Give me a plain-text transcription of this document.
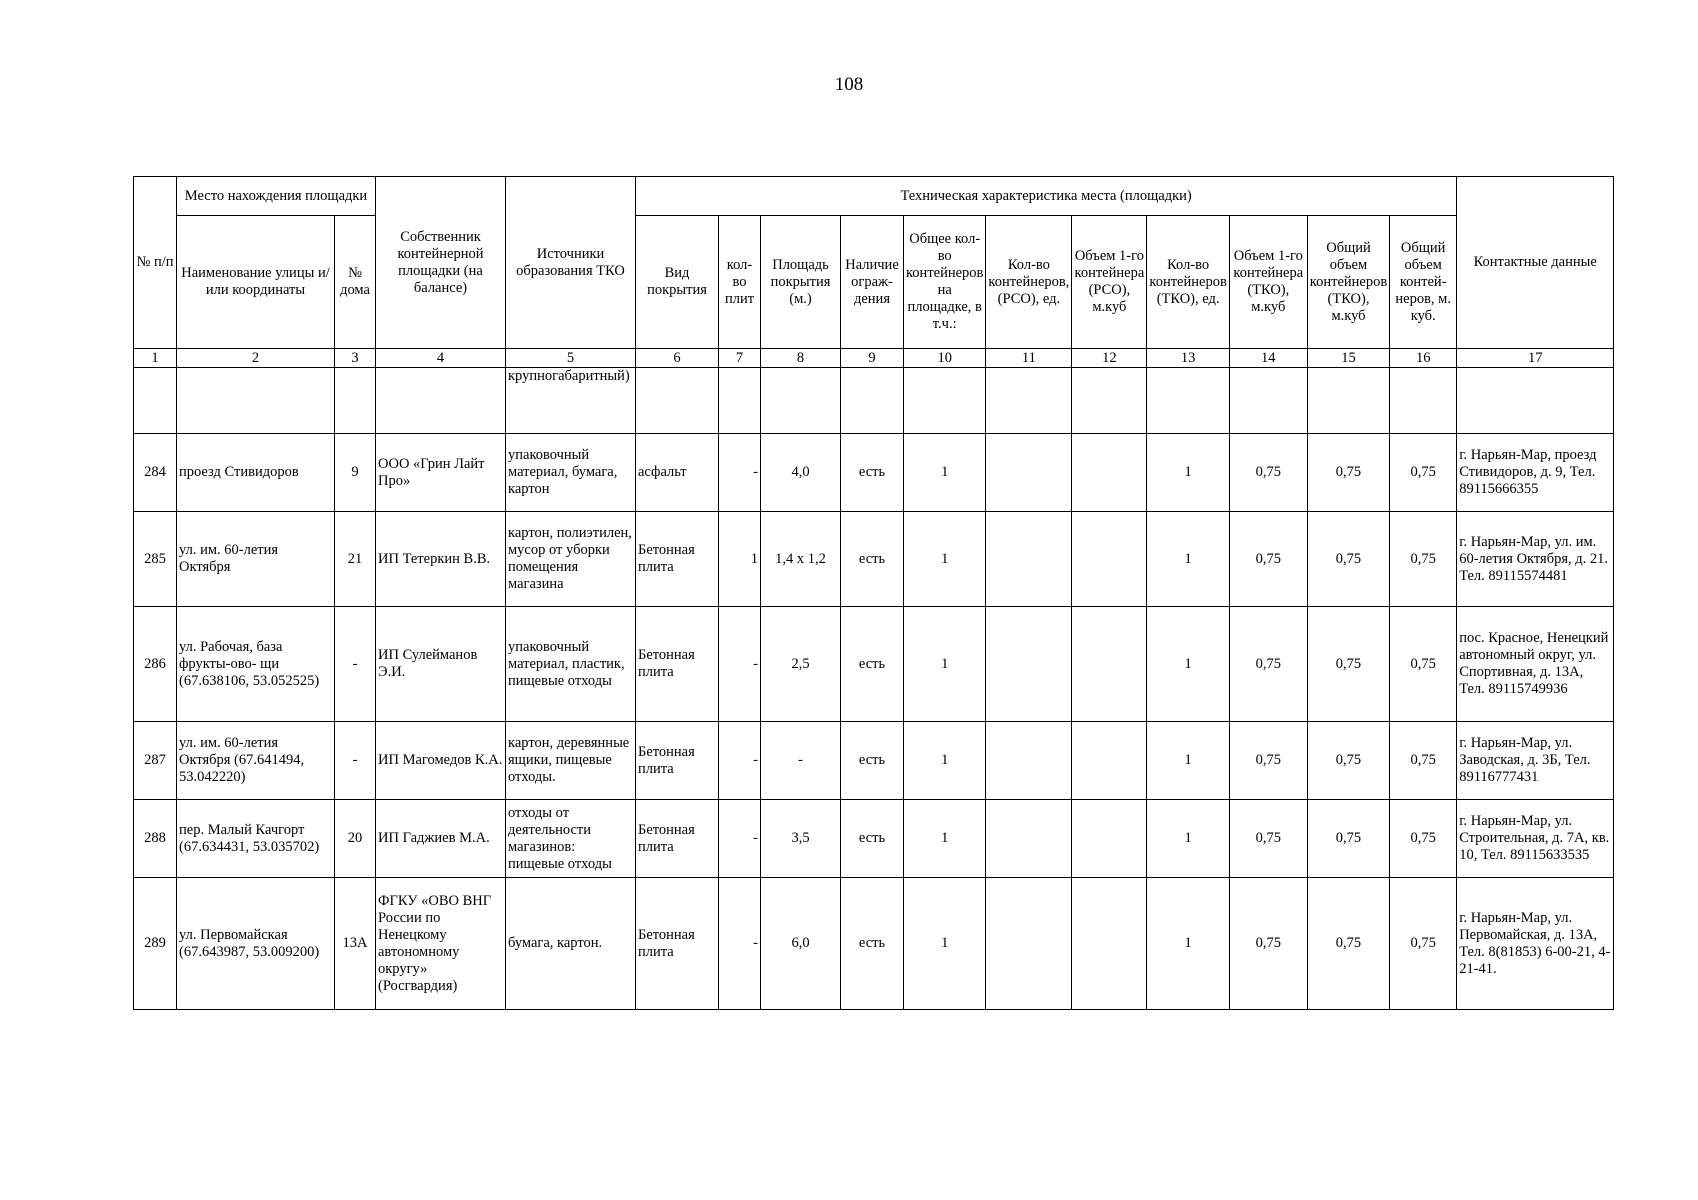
108
№ п/п	Место нахождения площадки		Собственник контейнерной площадки (на балансе)	Источники образования ТКО	Техническая характеристика места (площадки)											Контактные данные
	Наименование улицы и/или координаты	№ дома			Вид покрытия	кол-во плит	Площадь покрытия (м.)	Наличие ограж-дения	Общее кол-во контейнеров на площадке, в т.ч.:	Кол-во контейнеров, (РСО), ед.	Объем 1-го контейнера (РСО), м.куб	Кол-во контейнеров (ТКО), ед.	Объем 1-го контейнера (ТКО), м.куб	Общий объем контейнеров (ТКО), м.куб	Общий объем контей-неров, м. куб.	
1	2	3	4	5	6	7	8	9	10	11	12	13	14	15	16	17
				крупногабаритный)												
284	проезд Стивидоров	9	ООО «Грин Лайт Про»	упаковочный материал, бумага, картон	асфальт	-	4,0	есть	1			1	0,75	0,75	0,75	г. Нарьян-Мар, проезд Стивидоров, д. 9, Тел. 89115666355
285	ул. им. 60-летия Октября	21	ИП Тетеркин В.В.	картон, полиэтилен, мусор от уборки помещения магазина	Бетонная плита	1	1,4 х 1,2	есть	1			1	0,75	0,75	0,75	г. Нарьян-Мар, ул. им. 60-летия Октября, д. 21. Тел. 89115574481
286	ул. Рабочая, база фрукты-ово- щи (67.638106, 53.052525)	-	ИП Сулейманов Э.И.	упаковочный материал, пластик, пищевые отходы	Бетонная плита	-	2,5	есть	1			1	0,75	0,75	0,75	пос. Красное, Ненецкий автономный округ, ул. Спортивная, д. 13А, Тел. 89115749936
287	ул. им. 60-летия Октября (67.641494, 53.042220)	-	ИП Магомедов К.А.	картон, деревянные ящики, пищевые отходы.	Бетонная плита	-	-	есть	1			1	0,75	0,75	0,75	г. Нарьян-Мар, ул. Заводская, д. 3Б, Тел. 89116777431
288	пер. Малый Качгорт (67.634431, 53.035702)	20	ИП Гаджиев М.А.	отходы от деятельности магазинов: пищевые отходы	Бетонная плита	-	3,5	есть	1			1	0,75	0,75	0,75	г. Нарьян-Мар, ул. Строительная, д. 7А, кв. 10, Тел. 89115633535
289	ул. Первомайская (67.643987, 53.009200)	13А	ФГКУ «ОВО ВНГ России по Ненецкому автономному округу» (Росгвардия)	бумага, картон.	Бетонная плита	-	6,0	есть	1			1	0,75	0,75	0,75	г. Нарьян-Мар, ул. Первомайская, д. 13А, Тел. 8(81853) 6-00-21, 4-21-41.
